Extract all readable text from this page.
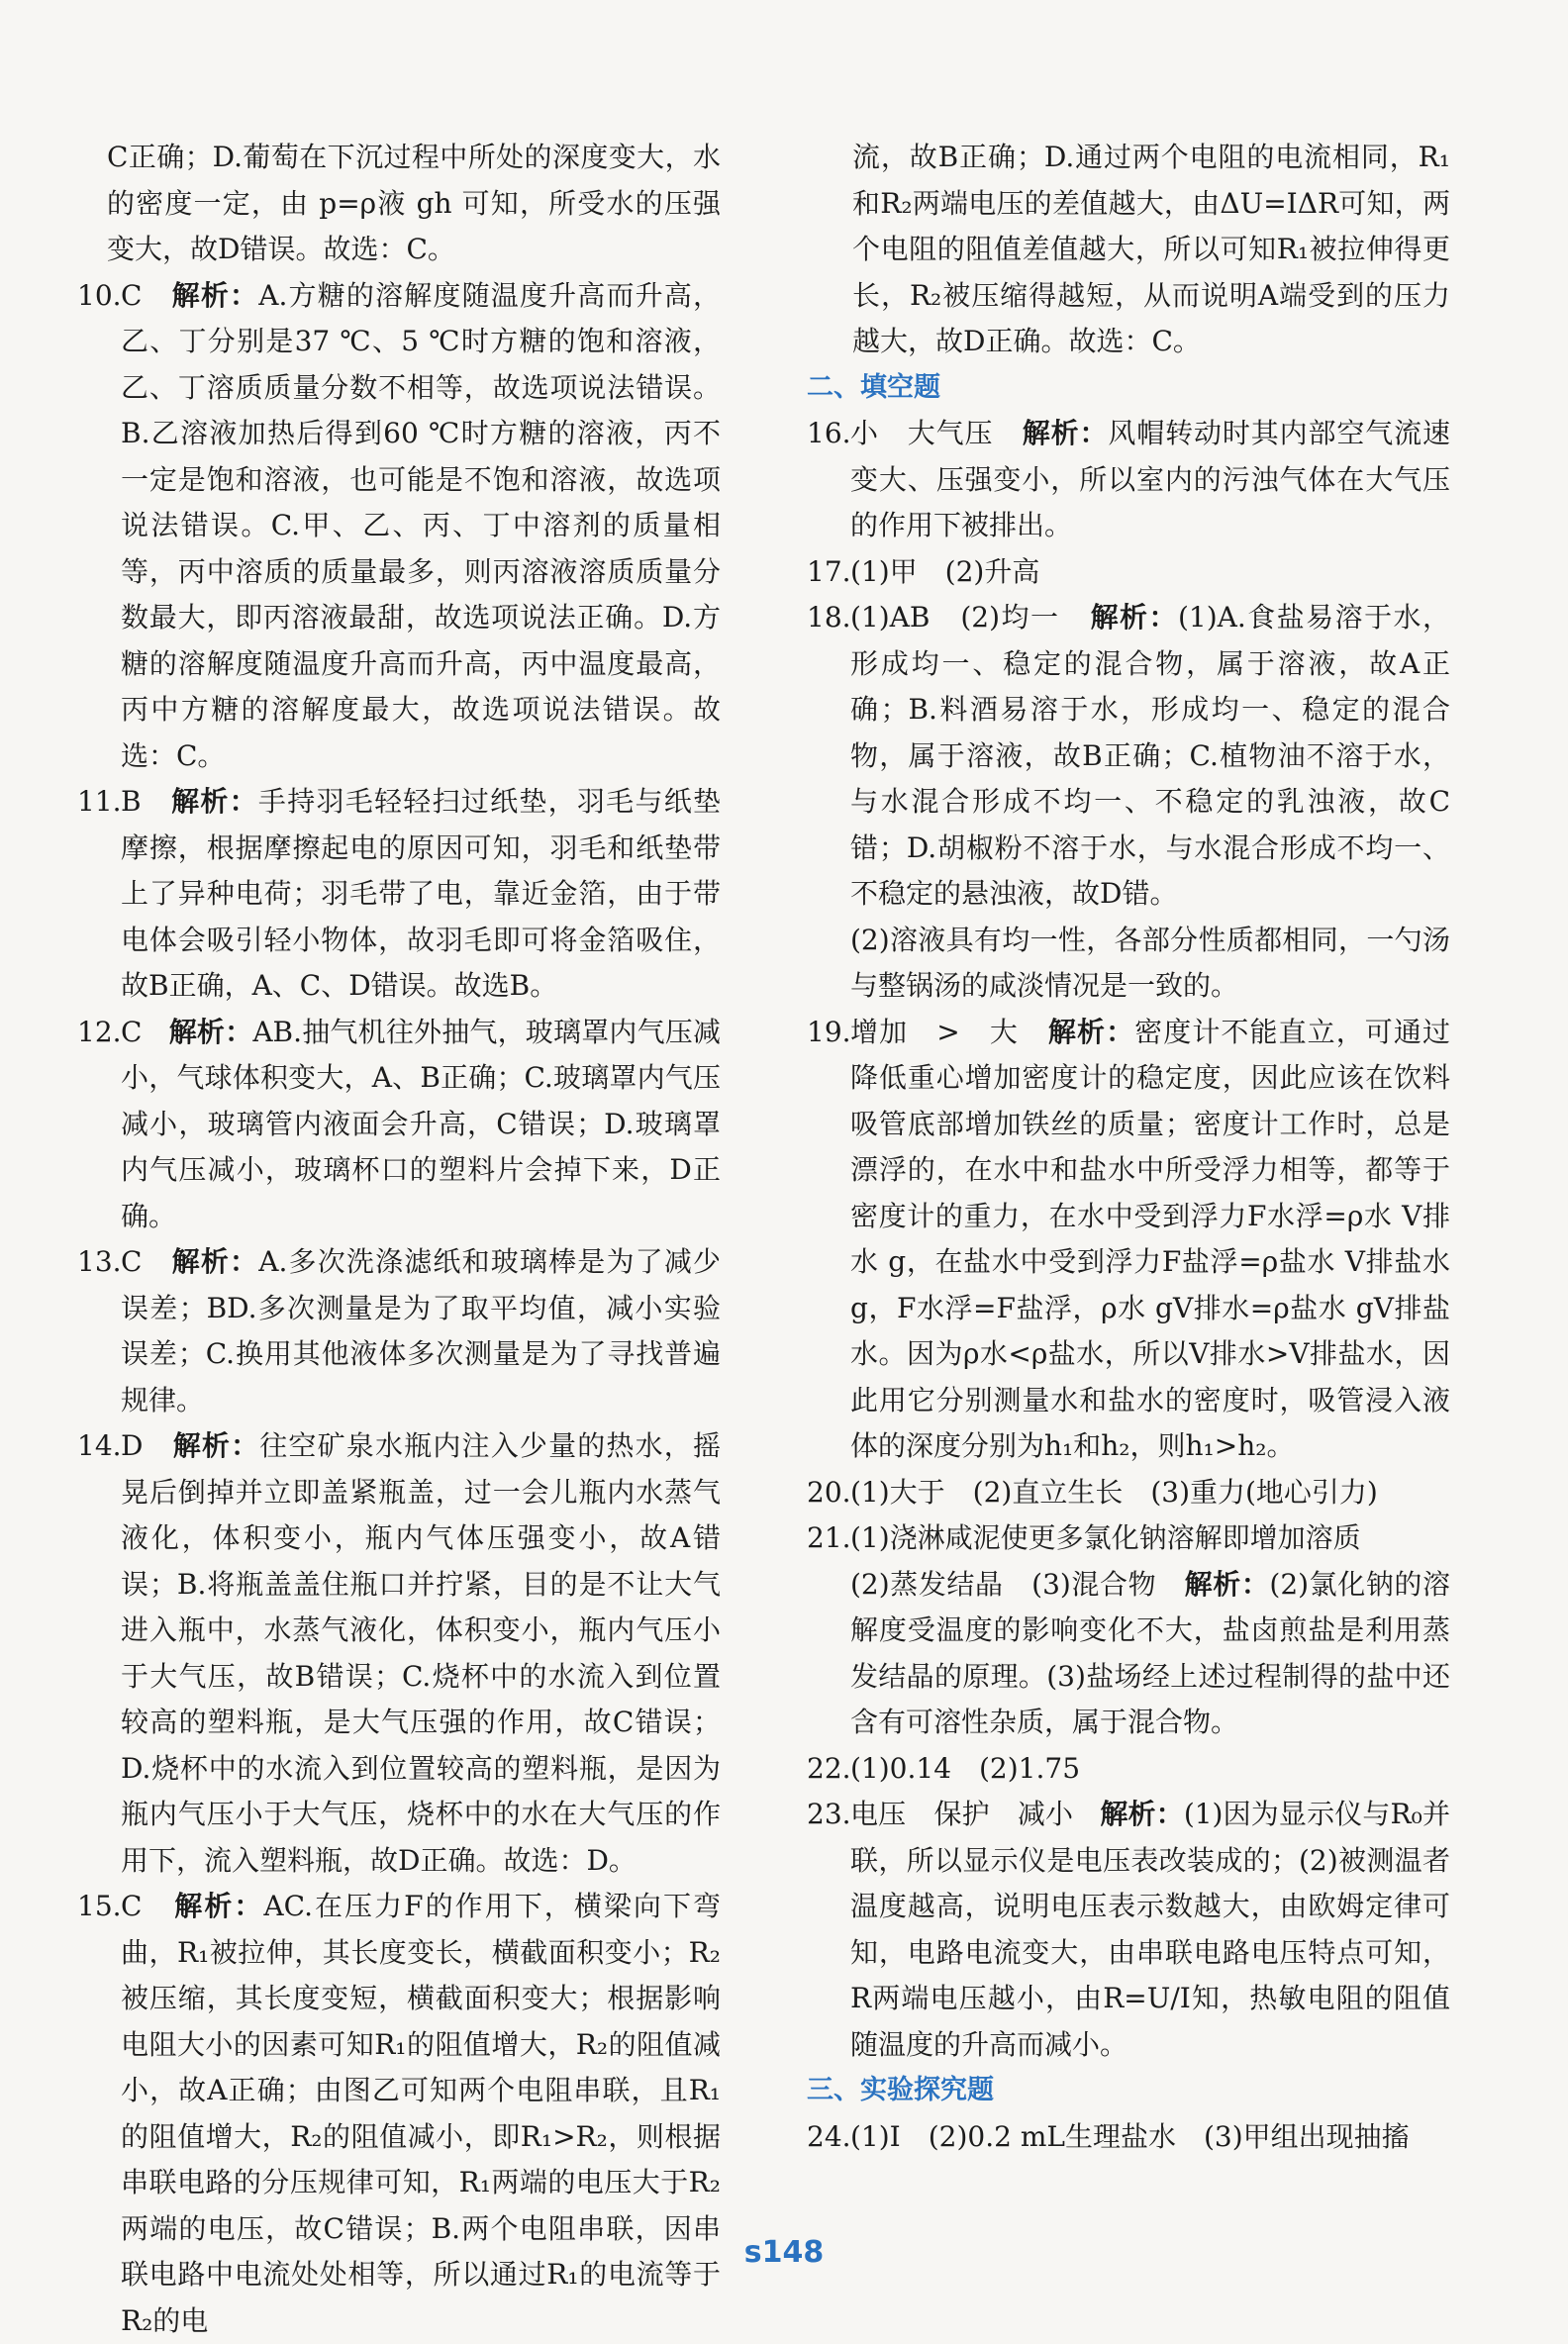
C正确；D.葡萄在下沉过程中所处的深度变大，水的密度一定，由 p=ρ液 gh 可知，所受水的压强变大，故D错误。故选：C。

10. C 解析：A.方糖的溶解度随温度升高而升高，乙、丁分别是37 ℃、5 ℃时方糖的饱和溶液，乙、丁溶质质量分数不相等，故选项说法错误。B.乙溶液加热后得到60 ℃时方糖的溶液，丙不一定是饱和溶液，也可能是不饱和溶液，故选项说法错误。C.甲、乙、丙、丁中溶剂的质量相等，丙中溶质的质量最多，则丙溶液溶质质量分数最大，即丙溶液最甜，故选项说法正确。D.方糖的溶解度随温度升高而升高，丙中温度最高，丙中方糖的溶解度最大，故选项说法错误。故选：C。
11. B 解析：手持羽毛轻轻扫过纸垫，羽毛与纸垫摩擦，根据摩擦起电的原因可知，羽毛和纸垫带上了异种电荷；羽毛带了电，靠近金箔，由于带电体会吸引轻小物体，故羽毛即可将金箔吸住，故B正确，A、C、D错误。故选B。
12. C 解析：AB.抽气机往外抽气，玻璃罩内气压减小，气球体积变大，A、B正确；C.玻璃罩内气压减小，玻璃管内液面会升高，C错误；D.玻璃罩内气压减小，玻璃杯口的塑料片会掉下来，D正确。
13. C 解析：A.多次洗涤滤纸和玻璃棒是为了减少误差；BD.多次测量是为了取平均值，减小实验误差；C.换用其他液体多次测量是为了寻找普遍规律。
14. D 解析：往空矿泉水瓶内注入少量的热水，摇晃后倒掉并立即盖紧瓶盖，过一会儿瓶内水蒸气液化，体积变小，瓶内气体压强变小，故A错误；B.将瓶盖盖住瓶口并拧紧，目的是不让大气进入瓶中，水蒸气液化，体积变小，瓶内气压小于大气压，故B错误；C.烧杯中的水流入到位置较高的塑料瓶，是大气压强的作用，故C错误；D.烧杯中的水流入到位置较高的塑料瓶，是因为瓶内气压小于大气压，烧杯中的水在大气压的作用下，流入塑料瓶，故D正确。故选：D。
15. C 解析：AC.在压力F的作用下，横梁向下弯曲，R₁被拉伸，其长度变长，横截面积变小；R₂被压缩，其长度变短，横截面积变大；根据影响电阻大小的因素可知R₁的阻值增大，R₂的阻值减小，故A正确；由图乙可知两个电阻串联，且R₁的阻值增大，R₂的阻值减小，即R₁>R₂，则根据串联电路的分压规律可知，R₁两端的电压大于R₂两端的电压，故C错误；B.两个电阻串联，因串联电路中电流处处相等，所以通过R₁的电流等于R₂的电

流，故B正确；D.通过两个电阻的电流相同，R₁和R₂两端电压的差值越大，由ΔU=IΔR可知，两个电阻的阻值差值越大，所以可知R₁被拉伸得更长，R₂被压缩得越短，从而说明A端受到的压力越大，故D正确。故选：C。

二、填空题

16. 小　大气压 解析：风帽转动时其内部空气流速变大、压强变小，所以室内的污浊气体在大气压的作用下被排出。
17. (1)甲　(2)升高
18. (1)AB　(2)均一 解析：(1)A.食盐易溶于水，形成均一、稳定的混合物，属于溶液，故A正确；B.料酒易溶于水，形成均一、稳定的混合物，属于溶液，故B正确；C.植物油不溶于水，与水混合形成不均一、不稳定的乳浊液，故C错；D.胡椒粉不溶于水，与水混合形成不均一、不稳定的悬浊液，故D错。

(2)溶液具有均一性，各部分性质都相同，一勺汤与整锅汤的咸淡情况是一致的。

19. 增加　>　大 解析：密度计不能直立，可通过降低重心增加密度计的稳定度，因此应该在饮料吸管底部增加铁丝的质量；密度计工作时，总是漂浮的，在水中和盐水中所受浮力相等，都等于密度计的重力，在水中受到浮力F水浮=ρ水 V排水 g，在盐水中受到浮力F盐浮=ρ盐水 V排盐水 g，F水浮=F盐浮，ρ水 gV排水=ρ盐水 gV排盐水。因为ρ水<ρ盐水，所以V排水>V排盐水，因此用它分别测量水和盐水的密度时，吸管浸入液体的深度分别为h₁和h₂，则h₁>h₂。
20. (1)大于　(2)直立生长　(3)重力(地心引力)
21. (1)浇淋咸泥使更多氯化钠溶解即增加溶质

(2)蒸发结晶　(3)混合物 解析：(2)氯化钠的溶解度受温度的影响变化不大，盐卤煎盐是利用蒸发结晶的原理。(3)盐场经上述过程制得的盐中还含有可溶性杂质，属于混合物。

22. (1)0.14　(2)1.75
23. 电压　保护　减小 解析：(1)因为显示仪与R₀并联，所以显示仪是电压表改装成的；(2)被测温者温度越高，说明电压表示数越大，由欧姆定律可知，电路电流变大，由串联电路电压特点可知，R两端电压越小，由R=U/I知，热敏电阻的阻值随温度的升高而减小。

三、实验探究题

24. (1)Ⅰ　(2)0.2 mL生理盐水　(3)甲组出现抽搐
s148
